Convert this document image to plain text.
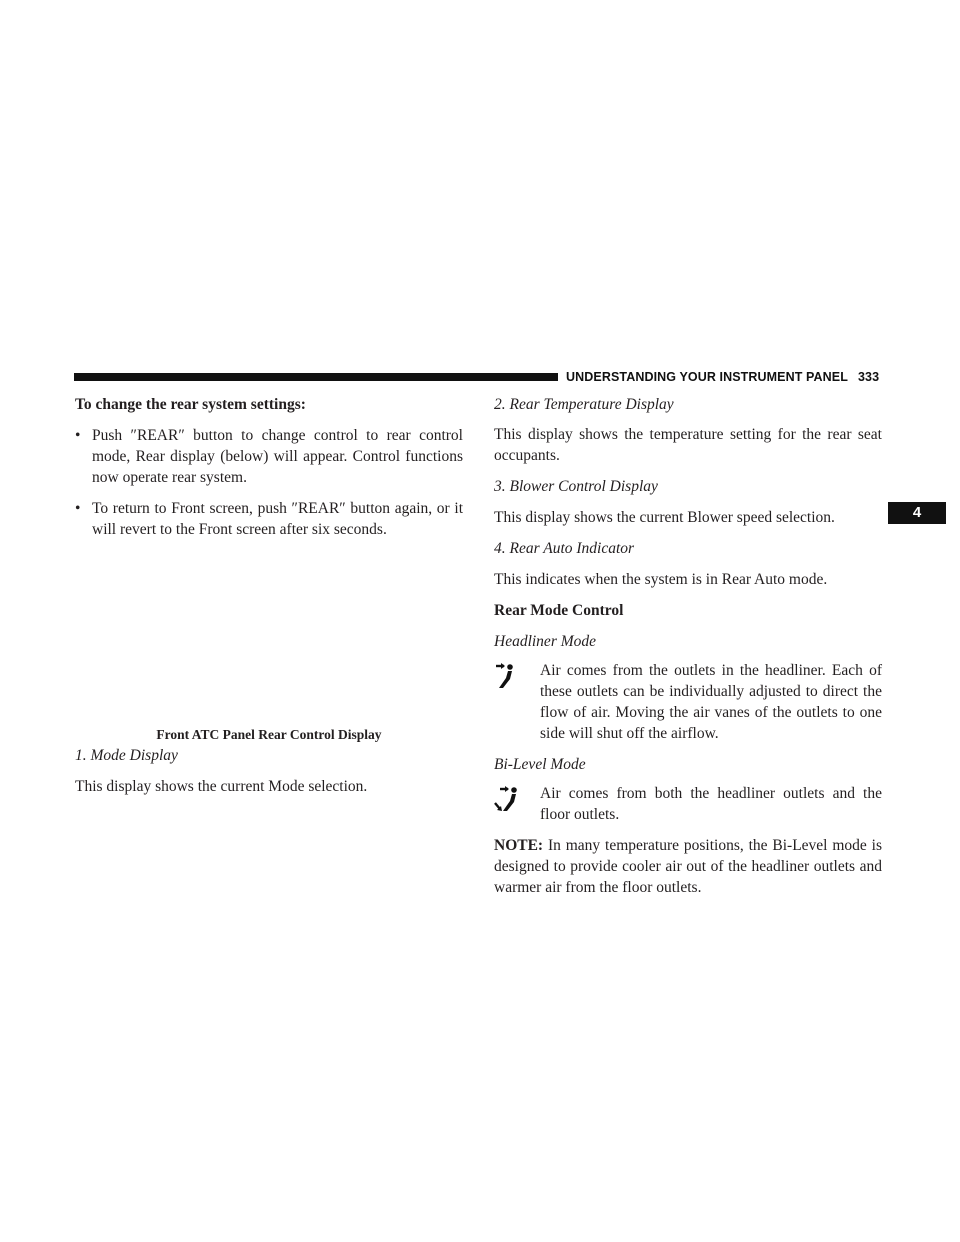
UNDERSTANDING YOUR INSTRUMENT PANEL 333
4

To change the rear system settings:

• Push ″REAR″ button to change control to rear control mode, Rear display (below) will appear. Control functions now operate rear system.
• To return to Front screen, push ″REAR″ button again, or it will revert to the Front screen after six seconds.

Front ATC Panel Rear Control Display

1. Mode Display

This display shows the current Mode selection.

2. Rear Temperature Display

This display shows the temperature setting for the rear seat occupants.

3. Blower Control Display

This display shows the current Blower speed selection.

4. Rear Auto Indicator

This indicates when the system is in Rear Auto mode.

Rear Mode Control

Headliner Mode

Air comes from the outlets in the headliner. Each of these outlets can be individually adjusted to direct the flow of air. Moving the air vanes of the outlets to one side will shut off the airflow.

Bi-Level Mode

Air comes from both the headliner outlets and the floor outlets.

NOTE: In many temperature positions, the Bi-Level mode is designed to provide cooler air out of the headliner outlets and warmer air from the floor outlets.
